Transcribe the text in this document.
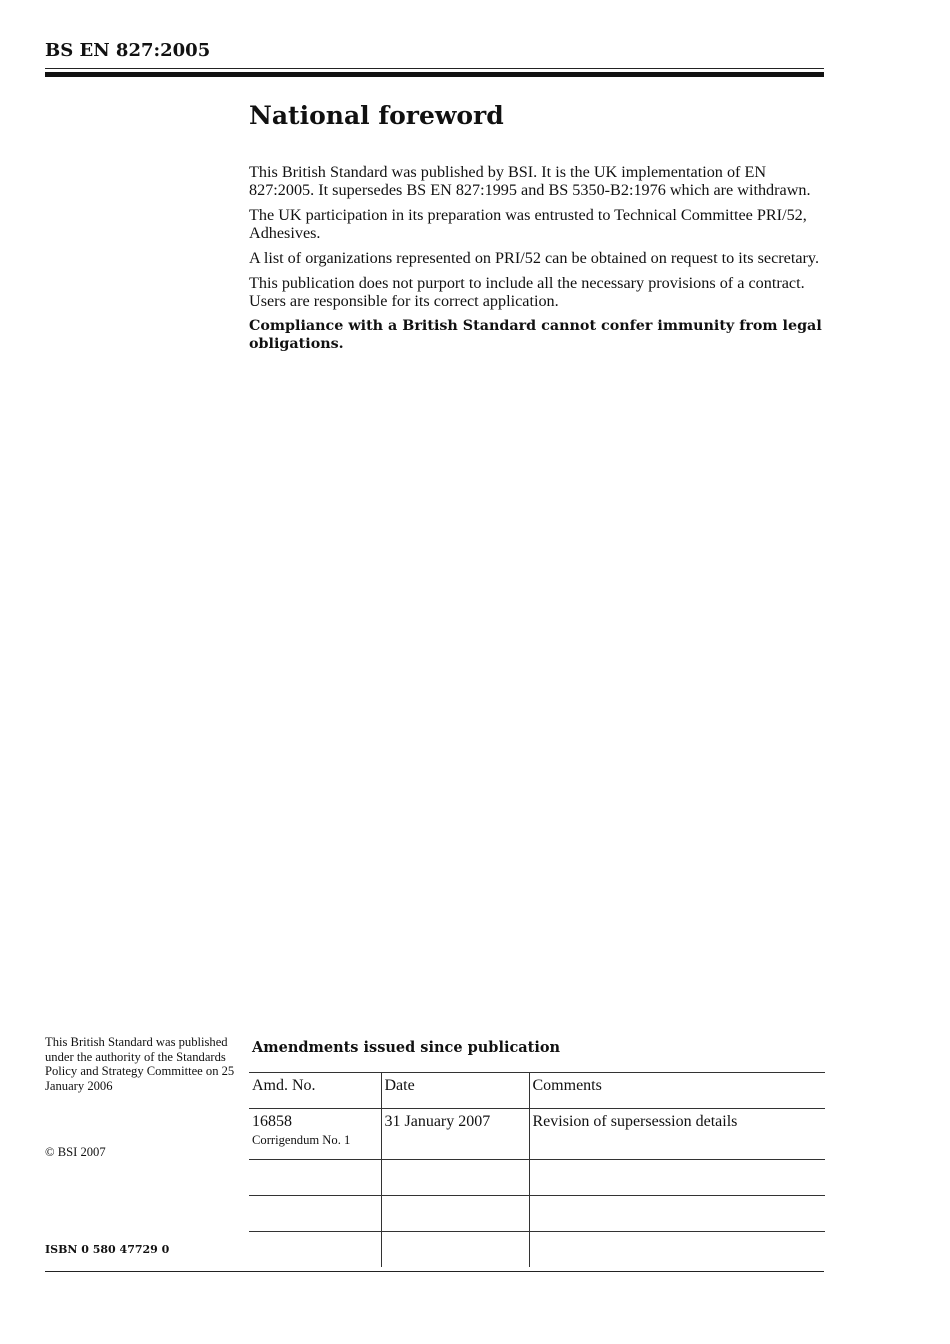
BS EN 827:2005
National foreword

This British Standard was published by BSI. It is the UK implementation of EN 827:2005. It supersedes BS EN 827:1995 and BS 5350-B2:1976 which are withdrawn.

The UK participation in its preparation was entrusted to Technical Committee PRI/52, Adhesives.

A list of organizations represented on PRI/52 can be obtained on request to its secretary.

This publication does not purport to include all the necessary provisions of a contract. Users are responsible for its correct application.

Compliance with a British Standard cannot confer immunity from legal obligations.

This British Standard was published under the authority of the Standards Policy and Strategy Committee on 25 January 2006
© BSI 2007
ISBN 0 580 47729 0
Amendments issued since publication
Amd. No.	Date	Comments
16858
Corrigendum No. 1	31 January 2007	Revision of supersession details
